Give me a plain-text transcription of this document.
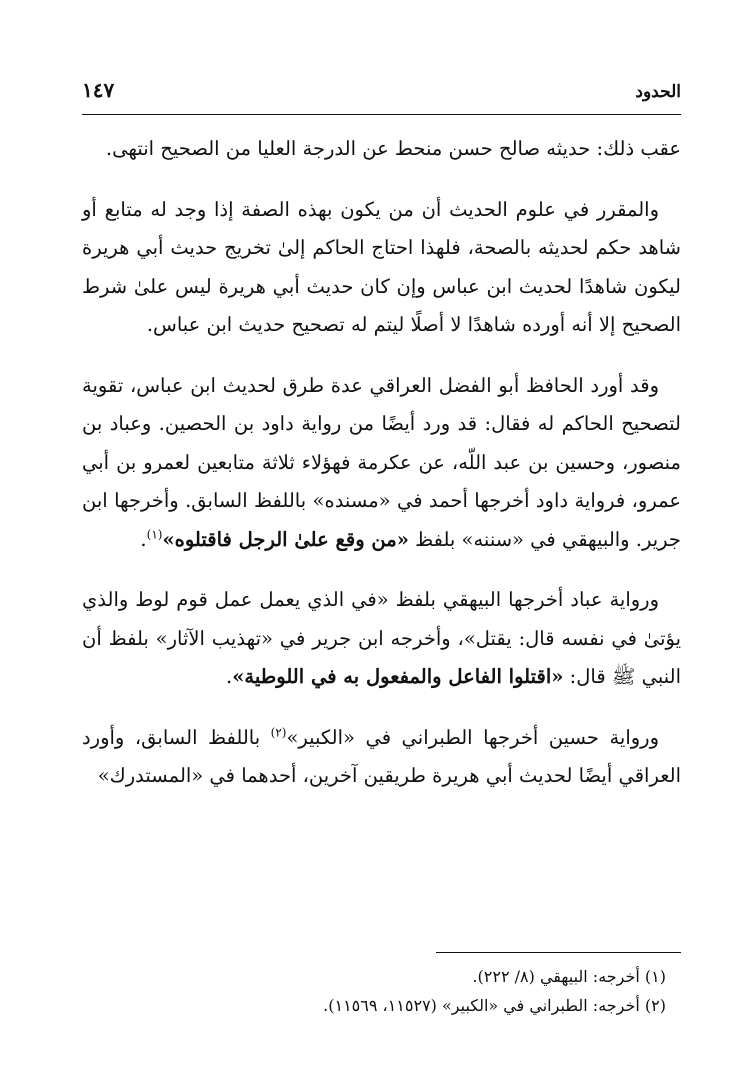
الحدود
١٤٧

عقب ذلك: حديثه صالح حسن منحط عن الدرجة العليا من الصحيح انتهى.

والمقرر في علوم الحديث أن من يكون بهذه الصفة إذا وجد له متابع أو شاهد حكم لحديثه بالصحة، فلهذا احتاج الحاكم إلىٰ تخريج حديث أبي هريرة ليكون شاهدًا لحديث ابن عباس وإن كان حديث أبي هريرة ليس علىٰ شرط الصحيح إلا أنه أورده شاهدًا لا أصلًا ليتم له تصحيح حديث ابن عباس.

وقد أورد الحافظ أبو الفضل العراقي عدة طرق لحديث ابن عباس، تقوية لتصحيح الحاكم له فقال: قد ورد أيضًا من رواية داود بن الحصين. وعباد بن منصور، وحسين بن عبد اللّه، عن عكرمة فهؤلاء ثلاثة متابعين لعمرو بن أبي عمرو، فرواية داود أخرجها أحمد في «مسنده» باللفظ السابق. وأخرجها ابن جرير. والبيهقي في «سننه» بلفظ «من وقع علىٰ الرجل فاقتلوه»$^{(١)}$.

ورواية عباد أخرجها البيهقي بلفظ «في الذي يعمل عمل قوم لوط والذي يؤتىٰ في نفسه قال: يقتل»، وأخرجه ابن جرير في «تهذيب الآثار» بلفظ أن النبي ﷺ قال: «اقتلوا الفاعل والمفعول به في اللوطية».

ورواية حسين أخرجها الطبراني في «الكبير»$^{(٢)}$ باللفظ السابق، وأورد العراقي أيضًا لحديث أبي هريرة طريقين آخرين، أحدهما في «المستدرك»

(١) أخرجه: البيهقي (٨/ ٢٢٢).

(٢) أخرجه: الطبراني في «الكبير» (١١٥٢٧، ١١٥٦٩).
